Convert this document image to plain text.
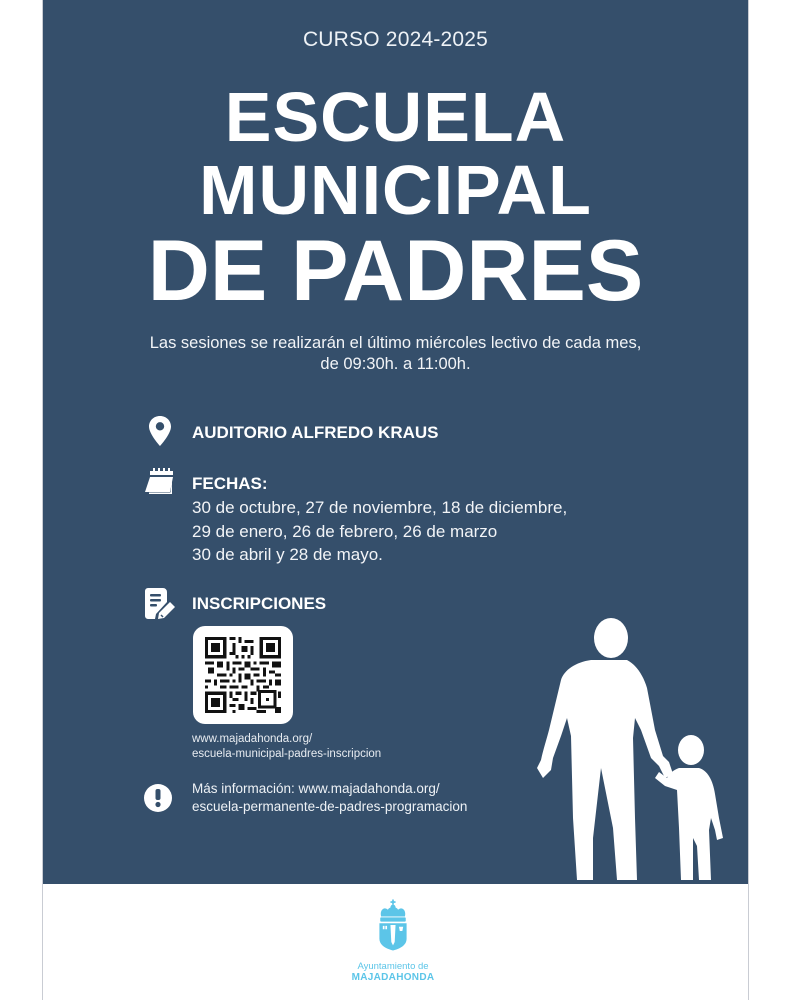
CURSO 2024-2025
ESCUELA
MUNICIPAL
DE PADRES
Las sesiones se realizarán el último miércoles lectivo de cada mes,
de 09:30h. a 11:00h.
AUDITORIO ALFREDO KRAUS
FECHAS:
30 de octubre, 27 de noviembre, 18 de diciembre,
29 de enero, 26 de febrero, 26 de marzo
30 de abril y 28 de mayo.
INSCRIPCIONES
www.majadahonda.org/
escuela-municipal-padres-inscripcion
Más información: www.majadahonda.org/
escuela-permanente-de-padres-programacion
Ayuntamiento de
MAJADAHONDA
